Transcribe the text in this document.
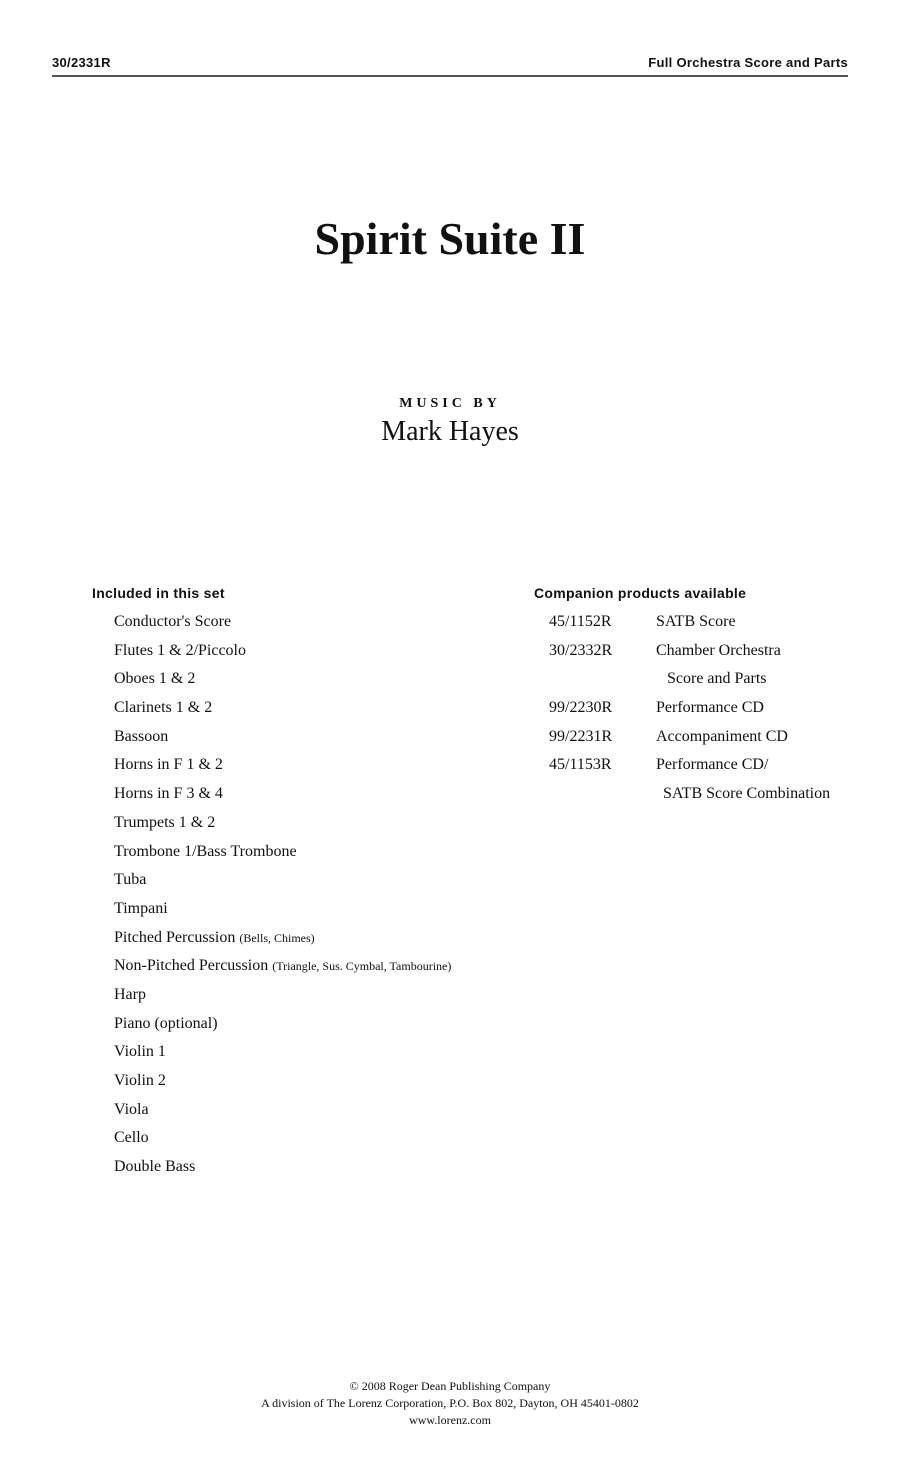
30/2331R	Full Orchestra Score and Parts
Spirit Suite II
MUSIC BY
Mark Hayes
Included in this set
Conductor's Score
Flutes 1 & 2/Piccolo
Oboes 1 & 2
Clarinets 1 & 2
Bassoon
Horns in F 1 & 2
Horns in F 3 & 4
Trumpets 1 & 2
Trombone 1/Bass Trombone
Tuba
Timpani
Pitched Percussion (Bells, Chimes)
Non-Pitched Percussion (Triangle, Sus. Cymbal, Tambourine)
Harp
Piano (optional)
Violin 1
Violin 2
Viola
Cello
Double Bass
Companion products available
45/1152R	SATB Score
30/2332R	Chamber Orchestra
Score and Parts
99/2230R	Performance CD
99/2231R	Accompaniment CD
45/1153R	Performance CD/
SATB Score Combination
© 2008 Roger Dean Publishing Company
A division of The Lorenz Corporation, P.O. Box 802, Dayton, OH 45401-0802
www.lorenz.com
